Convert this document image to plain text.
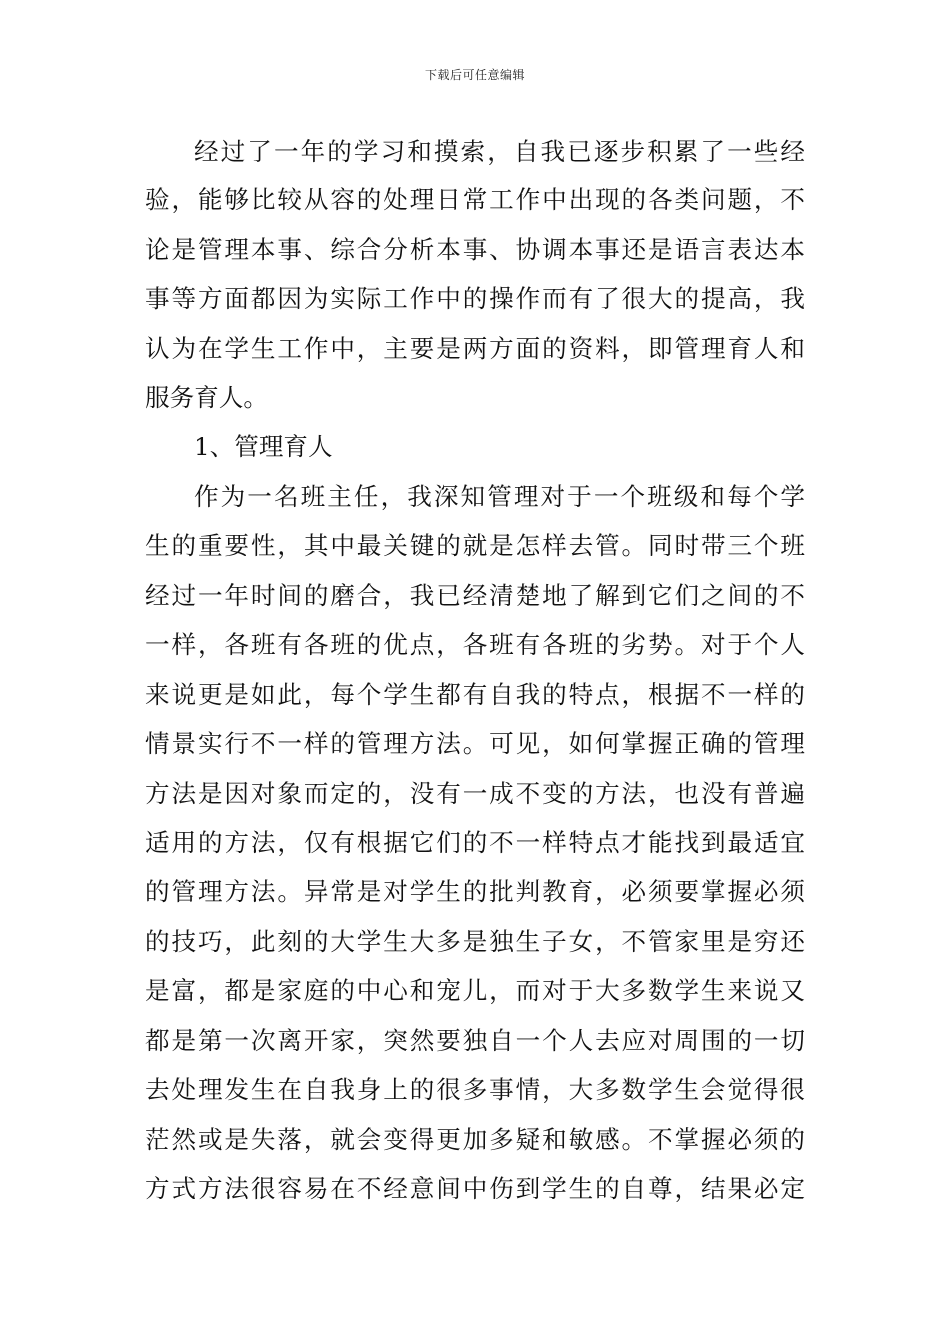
下载后可任意编辑
经过了一年的学习和摸索，自我已逐步积累了一些经
验，能够比较从容的处理日常工作中出现的各类问题，不
论是管理本事、综合分析本事、协调本事还是语言表达本
事等方面都因为实际工作中的操作而有了很大的提高，我
认为在学生工作中，主要是两方面的资料，即管理育人和
服务育人。
1、管理育人
作为一名班主任，我深知管理对于一个班级和每个学
生的重要性，其中最关键的就是怎样去管。同时带三个班
经过一年时间的磨合，我已经清楚地了解到它们之间的不
一样，各班有各班的优点，各班有各班的劣势。对于个人
来说更是如此，每个学生都有自我的特点，根据不一样的
情景实行不一样的管理方法。可见，如何掌握正确的管理
方法是因对象而定的，没有一成不变的方法，也没有普遍
适用的方法，仅有根据它们的不一样特点才能找到最适宜
的管理方法。异常是对学生的批判教育，必须要掌握必须
的技巧，此刻的大学生大多是独生子女，不管家里是穷还
是富，都是家庭的中心和宠儿，而对于大多数学生来说又
都是第一次离开家，突然要独自一个人去应对周围的一切
去处理发生在自我身上的很多事情，大多数学生会觉得很
茫然或是失落，就会变得更加多疑和敏感。不掌握必须的
方式方法很容易在不经意间中伤到学生的自尊，结果必定
